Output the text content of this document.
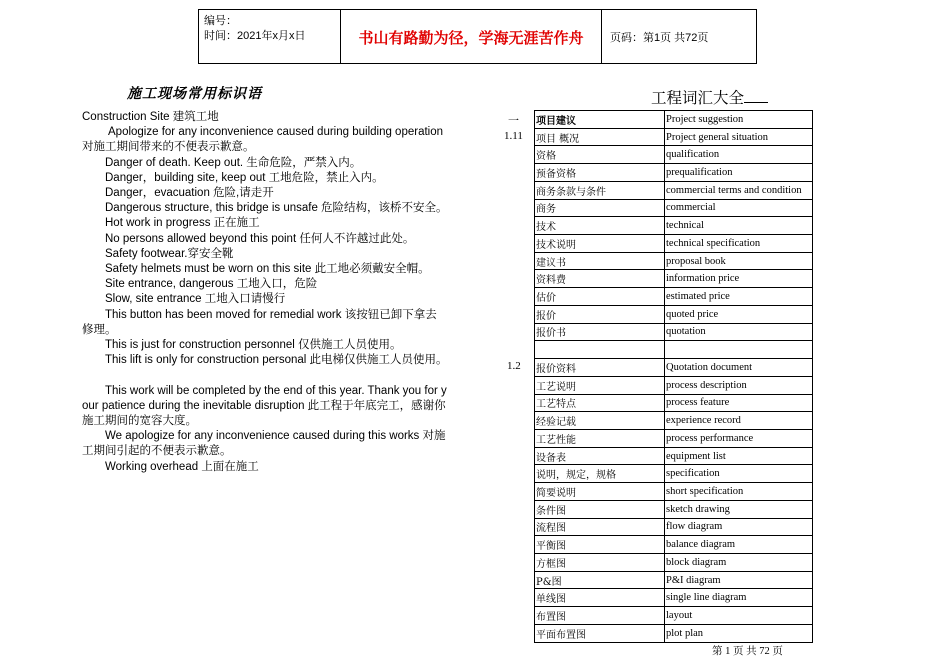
编号：
时间：2021年x月x日	书山有路勤为径，学海无涯苦作舟	页码：第1页 共72页
施工现场常用标识语
Construction Site 建筑工地
Apologize for any inconvenience caused during building operation
对施工期间带来的不便表示歉意。
Danger of death. Keep out. 生命危险，严禁入内。
Danger，building site, keep out 工地危险，禁止入内。
Danger，evacuation 危险,请走开
Dangerous structure, this bridge is unsafe 危险结构，该桥不安全。
Hot work in progress 正在施工
No persons allowed beyond this point 任何人不许越过此处。
Safety footwear.穿安全靴
Safety helmets must be worn on this site 此工地必须戴安全帽。
Site entrance, dangerous 工地入口，危险
Slow, site entrance 工地入口请慢行
This button has been moved for remedial work 该按钮已卸下拿去
修理。
This is just for construction personnel 仅供施工人员使用。
This lift is only for construction personal 此电梯仅供施工人员使用。

This work will be completed by the end of this year. Thank you for y
our patience during the inevitable disruption 此工程于年底完工，感谢你
施工期间的宽容大度。
We apologize for any inconvenience caused during this works 对施
工期间引起的不便表示歉意。
Working overhead 上面在施工
工程词汇大全
一
1.11
1.2
项目建议	Project suggestion
项目 概况	Project general situation
资格	qualification
预备资格	prequalification
商务条款与条件	commercial terms and condition
商务	commercial
技术	technical
技术说明	technical specification
建议书	proposal book
资料费	information price
估价	estimated price
报价	quoted price
报价书	quotation

报价资料	Quotation document
工艺说明	process description
工艺特点	process feature
经验记载	experience record
工艺性能	process performance
设备表	equipment list
说明，规定，规格	specification
简要说明	short specification
条件图	sketch drawing
流程图	flow diagram
平衡图	balance diagram
方框图	block diagram
P&图	P&I diagram
单线图	single line diagram
布置图	layout
平面布置图	plot plan
第 1 页 共 72 页
